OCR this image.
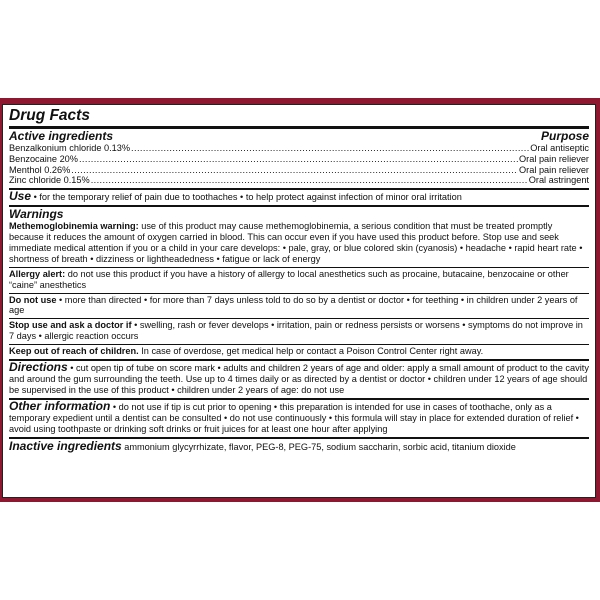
Drug Facts
Active ingredients	Purpose
Benzalkonium chloride 0.13% .....	Oral antiseptic
Benzocaine 20% .....	Oral pain reliever
Menthol 0.26% .....	Oral pain reliever
Zinc chloride 0.15% .....	Oral astringent
Use • for the temporary relief of pain due to toothaches • to help protect against infection of minor oral irritation
Warnings
Methemoglobinemia warning: use of this product may cause methemoglobinemia, a serious condition that must be treated promptly because it reduces the amount of oxygen carried in blood. This can occur even if you have used this product before. Stop use and seek immediate medical attention if you or a child in your care develops: • pale, gray, or blue colored skin (cyanosis) • headache • rapid heart rate • shortness of breath • dizziness or lightheadedness • fatigue or lack of energy
Allergy alert: do not use this product if you have a history of allergy to local anesthetics such as procaine, butacaine, benzocaine or other “caine” anesthetics
Do not use • more than directed • for more than 7 days unless told to do so by a dentist or doctor • for teething • in children under 2 years of age
Stop use and ask a doctor if • swelling, rash or fever develops • irritation, pain or redness persists or worsens • symptoms do not improve in 7 days • allergic reaction occurs
Keep out of reach of children. In case of overdose, get medical help or contact a Poison Control Center right away.
Directions • cut open tip of tube on score mark • adults and children 2 years of age and older: apply a small amount of product to the cavity and around the gum surrounding the teeth. Use up to 4 times daily or as directed by a dentist or doctor • children under 12 years of age should be supervised in the use of this product • children under 2 years of age: do not use
Other information • do not use if tip is cut prior to opening • this preparation is intended for use in cases of toothache, only as a temporary expedient until a dentist can be consulted • do not use continuously • this formula will stay in place for extended duration of relief • avoid using toothpaste or drinking soft drinks or fruit juices for at least one hour after applying
Inactive ingredients ammonium glycyrrhizate, flavor, PEG-8, PEG-75, sodium saccharin, sorbic acid, titanium dioxide
